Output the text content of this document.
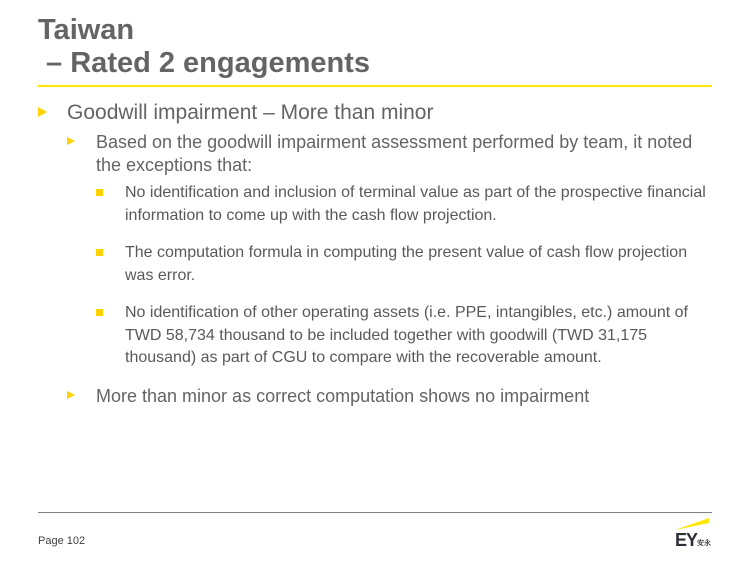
Taiwan
– Rated 2 engagements
Goodwill impairment – More than minor
Based on the goodwill impairment assessment performed by team, it noted the exceptions that:
No identification and inclusion of terminal value as part of the prospective financial information to come up with the cash flow projection.
The computation formula in computing the present value of cash flow projection was error.
No identification of other operating assets (i.e. PPE, intangibles, etc.) amount of TWD 58,734 thousand to be included together with goodwill (TWD 31,175 thousand) as part of CGU to compare with the recoverable amount.
More than minor as correct computation shows no impairment
Page 102	EY 安永
